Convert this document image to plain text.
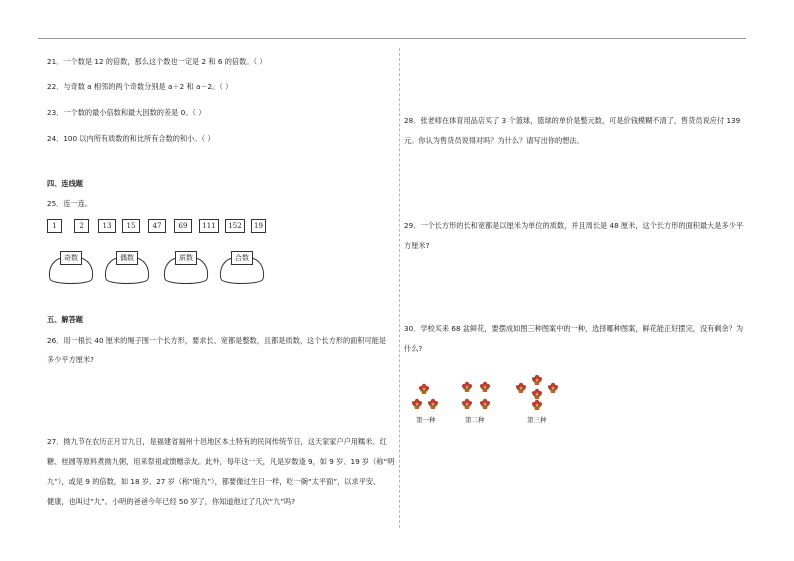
21．一个数是 12 的倍数，那么这个数也一定是 2 和 6 的倍数。（ ）
22．与奇数 a 相邻的两个奇数分别是 a＋2 和 a－2。（ ）
23．一个数的最小倍数和最大因数的差是 0。（ ）
24．100 以内所有质数的和比所有合数的和小。（ ）
四、连线题
25．连一连。
1	2	13	15	47	69	111	152	19
奇数	偶数	质数	合数
五、解答题
26．用一根长 40 厘米的绳子围一个长方形，要求长、宽都是整数，且都是质数，这个长方形的面积可能是
多少平方厘米?
27．拗九节在农历正月廿九日，是福建省福州十邑地区本土特有的民间传统节日，这天家家户户用糯米、红
糖、桂圆等原料煮拗九粥，用来祭祖或馈赠亲友。此外，每年这一天，凡是岁数逢 9，如 9 岁、19 岁（称“明
九”），或是 9 的倍数，如 18 岁、27 岁（称“暗九”），都要像过生日一样，吃一碗“太平面”，以求平安、
健康，也叫过“九”。小明的爸爸今年已经 50 岁了，你知道他过了几次“九”吗?
28．张老师在体育用品店买了 3 个篮球，篮球的单价是整元数，可是价钱模糊不清了，售货员说应付 139
元。你认为售货员说得对吗？为什么？请写出你的想法。
29．一个长方形的长和宽都是以厘米为单位的质数，并且周长是 48 厘米，这个长方形的面积最大是多少平
方厘米?
30．学校买来 68 盆鲜花，要摆成如图三种图案中的一种，选择哪种图案，鲜花能正好摆完，没有剩余？为
什么?
第一种	第二种	第三种
